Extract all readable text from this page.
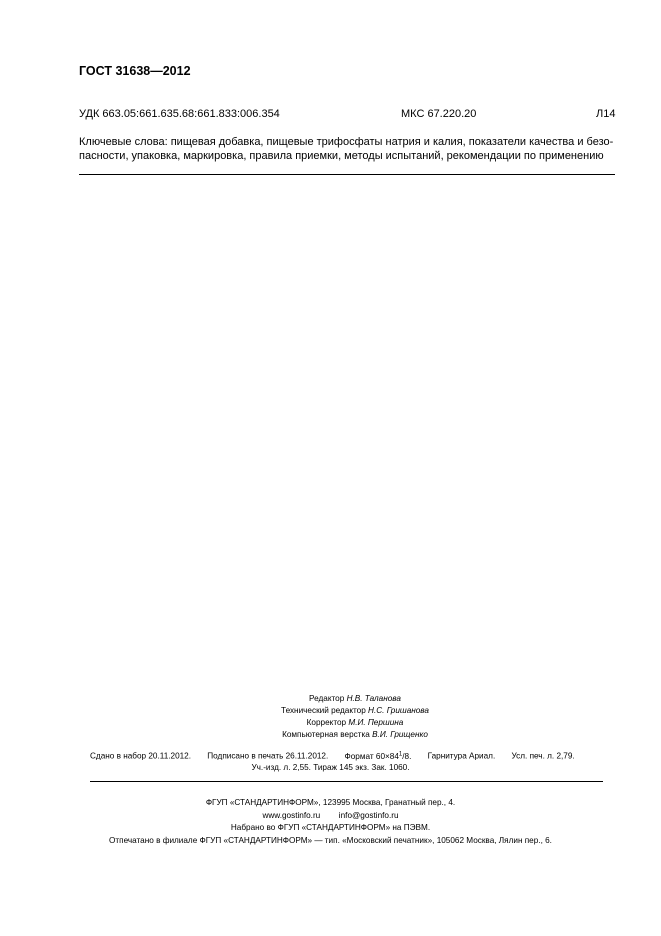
ГОСТ 31638—2012
УДК 663.05:661.635.68:661.833:006.354	МКС 67.220.20	Л14
Ключевые слова: пищевая добавка, пищевые трифосфаты натрия и калия, показатели качества и безо-
пасности, упаковка, маркировка, правила приемки, методы испытаний, рекомендации по применению
Редактор Н.В. Таланова
Технический редактор Н.С. Гришанова
Корректор М.И. Першина
Компьютерная верстка В.И. Грищенко
Сдано в набор 20.11.2012. Подписано в печать 26.11.2012. Формат $60\times 84^1/8$. Гарнитура Ариал. Усл. печ. л. 2,79.
Уч.-изд. л. 2,55. Тираж 145 экз. Зак. 1060.
ФГУП «СТАНДАРТИНФОРМ», 123995 Москва, Гранатный пер., 4.
www.gostinfo.ru info@gostinfo.ru
Набрано во ФГУП «СТАНДАРТИНФОРМ» на ПЭВМ.
Отпечатано в филиале ФГУП «СТАНДАРТИНФОРМ» — тип. «Московский печатник», 105062 Москва, Лялин пер., 6.
